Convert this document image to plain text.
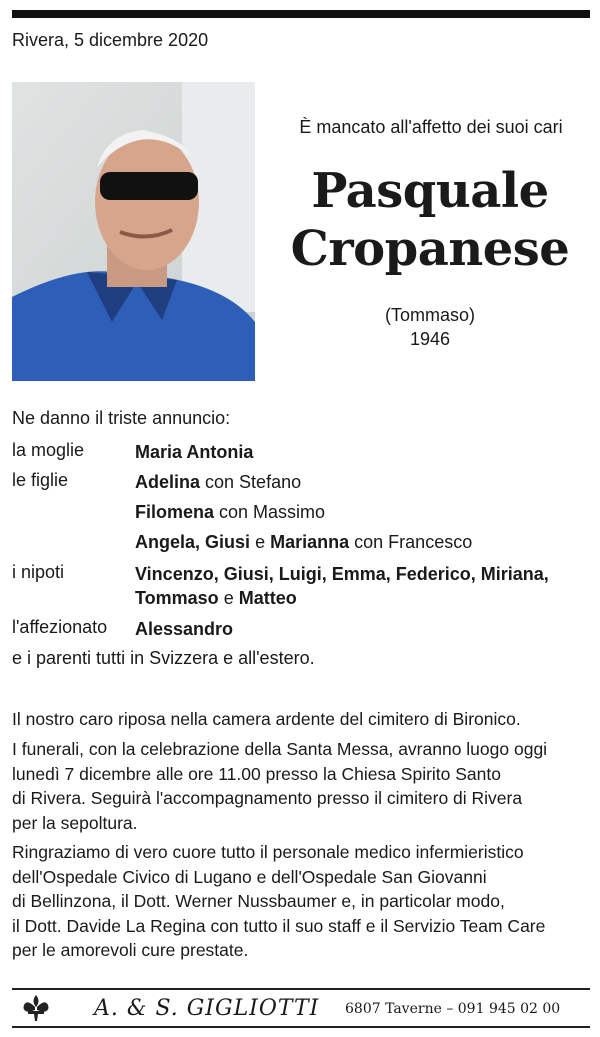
Rivera, 5 dicembre 2020
È mancato all'affetto dei suoi cari
Pasquale
Cropanese
(Tommaso)
1946
Ne danno il triste annuncio:
la moglie	Maria Antonia
le figlie	Adelina con Stefano
Filomena con Massimo
Angela, Giusi e Marianna con Francesco
i nipoti	Vincenzo, Giusi, Luigi, Emma, Federico, Miriana,
Tommaso e Matteo
l'affezionato Alessandro
e i parenti tutti in Svizzera e all'estero.
Il nostro caro riposa nella camera ardente del cimitero di Bironico.
I funerali, con la celebrazione della Santa Messa, avranno luogo oggi
lunedì 7 dicembre alle ore 11.00 presso la Chiesa Spirito Santo
di Rivera. Seguirà l'accompagnamento presso il cimitero di Rivera
per la sepoltura.
Ringraziamo di vero cuore tutto il personale medico infermieristico
dell'Ospedale Civico di Lugano e dell'Ospedale San Giovanni
di Bellinzona, il Dott. Werner Nussbaumer e, in particolar modo,
il Dott. Davide La Regina con tutto il suo staff e il Servizio Team Care
per le amorevoli cure prestate.
A. & S. GIGLIOTTI 6807 Taverne – 091 945 02 00
